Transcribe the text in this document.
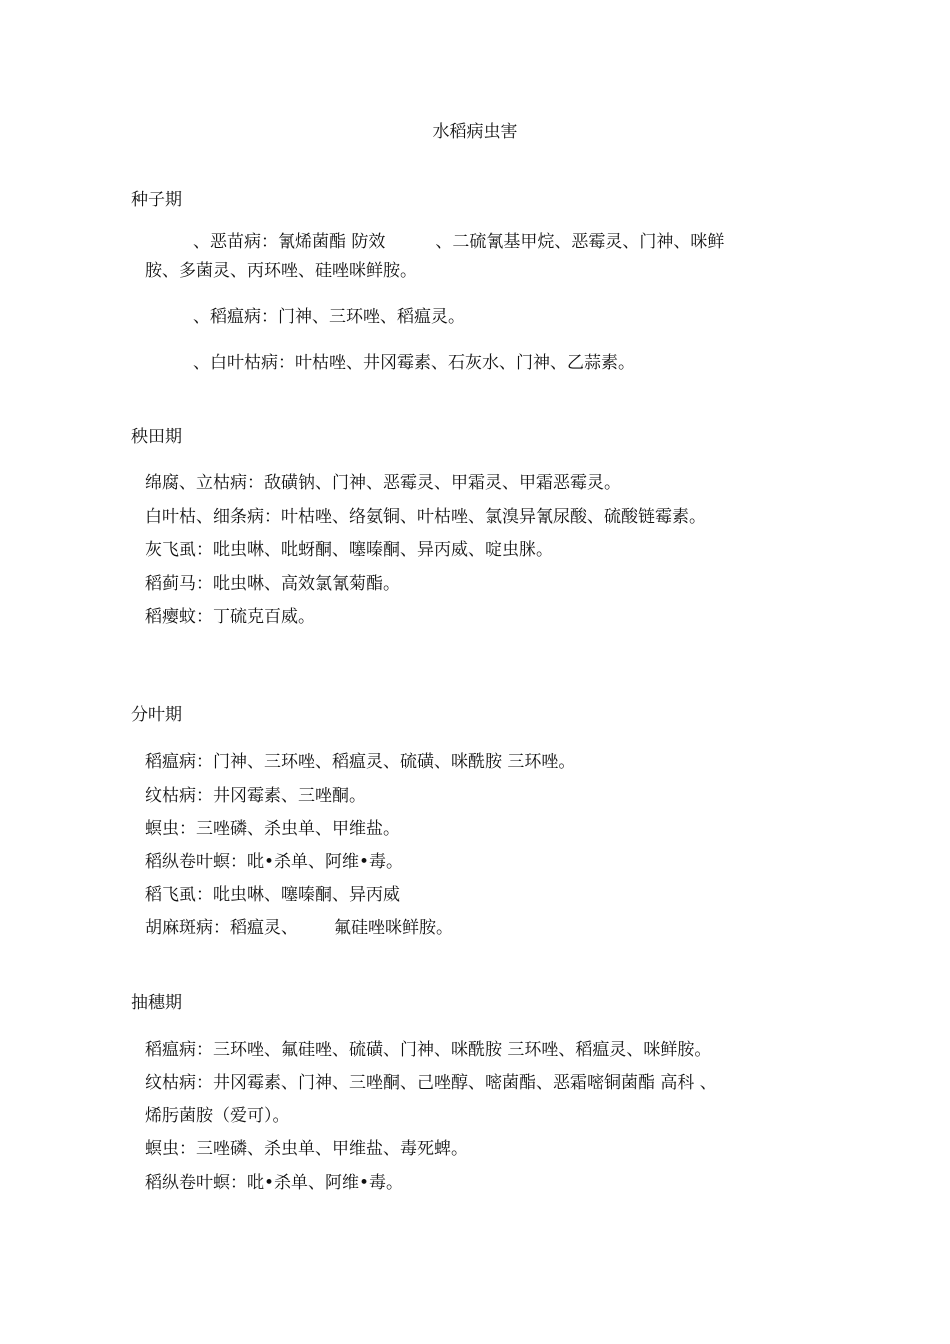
水稻病虫害
种子期
、恶苗病：氰烯菌酯 防效	、二硫氰基甲烷、恶霉灵、门神、咪鲜
胺、多菌灵、丙环唑、硅唑咪鲜胺。
、稻瘟病：门神、三环唑、稻瘟灵。
、白叶枯病：叶枯唑、井冈霉素、石灰水、门神、乙蒜素。
秧田期
绵腐、立枯病：敌磺钠、门神、恶霉灵、甲霜灵、甲霜恶霉灵。
白叶枯、细条病：叶枯唑、络氨铜、叶枯唑、氯溴异氰尿酸、硫酸链霉素。
灰飞虱：吡虫啉、吡蚜酮、噻嗪酮、异丙威、啶虫脒。
稻蓟马：吡虫啉、高效氯氰菊酯。
稻瘿蚊：丁硫克百威。
分叶期
稻瘟病：门神、三环唑、稻瘟灵、硫磺、咪酰胺 三环唑。
纹枯病：井冈霉素、三唑酮。
螟虫：三唑磷、杀虫单、甲维盐。
稻纵卷叶螟：吡•杀单、阿维•毒。
稻飞虱：吡虫啉、噻嗪酮、异丙威
胡麻斑病：稻瘟灵、 氟硅唑咪鲜胺。
抽穗期
稻瘟病：三环唑、氟硅唑、硫磺、门神、咪酰胺 三环唑、稻瘟灵、咪鲜胺。
纹枯病：井冈霉素、门神、三唑酮、己唑醇、嘧菌酯、恶霜嘧铜菌酯 高科 、
烯肟菌胺（爱可）。
螟虫：三唑磷、杀虫单、甲维盐、毒死蜱。
稻纵卷叶螟：吡•杀单、阿维•毒。
